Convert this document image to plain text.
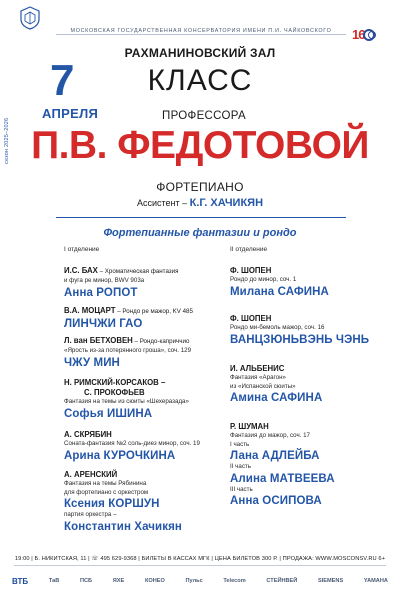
МОСКОВСКАЯ ГОСУДАРСТВЕННАЯ КОНСЕРВАТОРИЯ ИМЕНИ П.И. ЧАЙКОВСКОГО	16
сезон 2025–2026
РАХМАНИНОВСКИЙ ЗАЛ
7	КЛАСС
АПРЕЛЯ	ПРОФЕССОРА
П.В. ФЕДОТОВОЙ
ФОРТЕПИАНО
Ассистент – К.Г. ХАЧИКЯН
Фортепианные фантазии и рондо
I отделение
И.С. БАХ – Хроматическая фантазия
и фуга ре минор, BWV 903а
Анна РОПОТ
В.А. МОЦАРТ – Рондо ре мажор, KV 485
ЛИНЧЖИ ГАО
Л. ван БЕТХОВЕН – Рондо-каприччио
«Ярость из-за потерянного гроша», соч. 129
ЧЖУ МИН
Н. РИМСКИЙ-КОРСАКОВ –
С. ПРОКОФЬЕВ
Фантазия на темы из сюиты «Шехеразада»
Софья ИШИНА
А. СКРЯБИН
Соната-фантазия №2 соль-диез минор, соч. 19
Арина КУРОЧКИНА
А. АРЕНСКИЙ
Фантазия на темы Рябинина
для фортепиано с оркестром
Ксения КОРШУН
партия оркестра –
Константин Хачикян
II отделение
Ф. ШОПЕН
Рондо до минор, соч. 1
Милана САФИНА
Ф. ШОПЕН
Рондо ми-бемоль мажор, соч. 16
ВАНЦЗЮНЬВЭНЬ ЧЭНЬ
И. АЛЬБЕНИС
Фантазия «Арагон»
из «Испанской сюиты»
Амина САФИНА
Р. ШУМАН
Фантазия до мажор, соч. 17
I часть
Лана АДЛЕЙБА
II часть
Алина МАТВЕЕВА
III часть
Анна ОСИПОВА
19:00 | Б. НИКИТСКАЯ, 11 | ☏ 495 629-9368 | БИЛЕТЫ В КАССАХ МГК | ЦЕНА БИЛЕТОВ 300 Р. | ПРОДАЖА: WWW.MOSCONSV.RU 6+
ВТБ	ТаВ	ПСБ	ЯХЕ	КОНЕО	Пульс	Telecom	СТЕЙНВЕЙ	SIEMENS	YAMAHA
